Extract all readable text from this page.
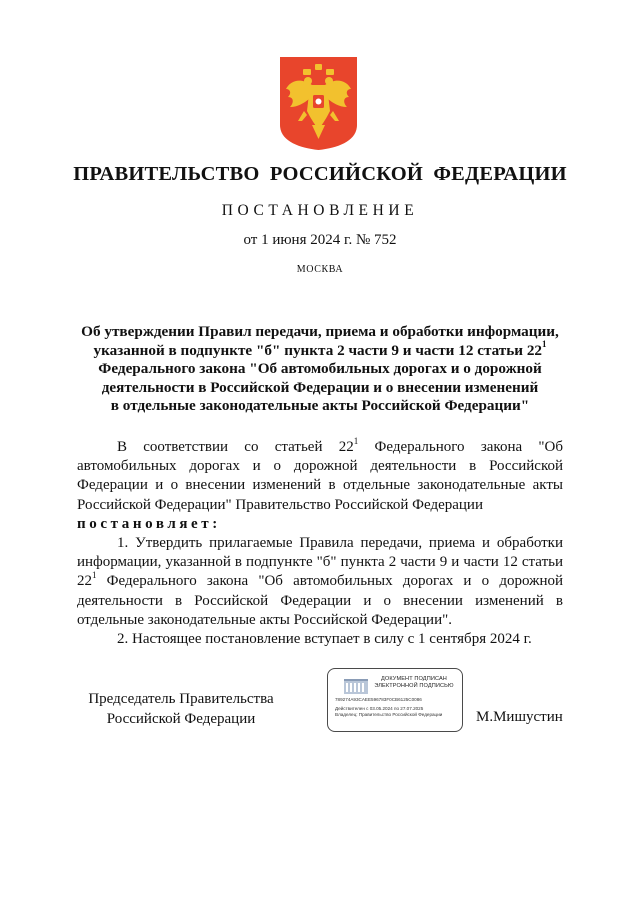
ПРАВИТЕЛЬСТВО РОССИЙСКОЙ ФЕДЕРАЦИИ
ПОСТАНОВЛЕНИЕ
от 1 июня 2024 г. № 752
МОСКВА
Об утверждении Правил передачи, приема и обработки информации,
указанной в подпункте "б" пункта 2 части 9 и части 12 статьи $22^1$
Федерального закона "Об автомобильных дорогах и о дорожной
деятельности в Российской Федерации и о внесении изменений
в отдельные законодательные акты Российской Федерации"

В соответствии со статьей $22^1$ Федерального закона "Об автомобильных дорогах и о дорожной деятельности в Российской Федерации и о внесении изменений в отдельные законодательные акты Российской Федерации" Правительство Российской Федерации

постановляет:

1. Утвердить прилагаемые Правила передачи, приема и обработки информации, указанной в подпункте "б" пункта 2 части 9 и части 12 статьи $22^1$ Федерального закона "Об автомобильных дорогах и о дорожной деятельности в Российской Федерации и о внесении изменений в отдельные законодательные акты Российской Федерации".

2. Настоящее постановление вступает в силу с 1 сентября 2024 г.

Председатель Правительства
Российской Федерации
ДОКУМЕНТ ПОДПИСАН
ЭЛЕКТРОННОЙ ПОДПИСЬЮ
789274A93CAEE596783F0CB6125C0086
Действителен с 03.05.2024 по 27.07.2025
Владелец: Правительство Российской Федерации	М.Мишустин
